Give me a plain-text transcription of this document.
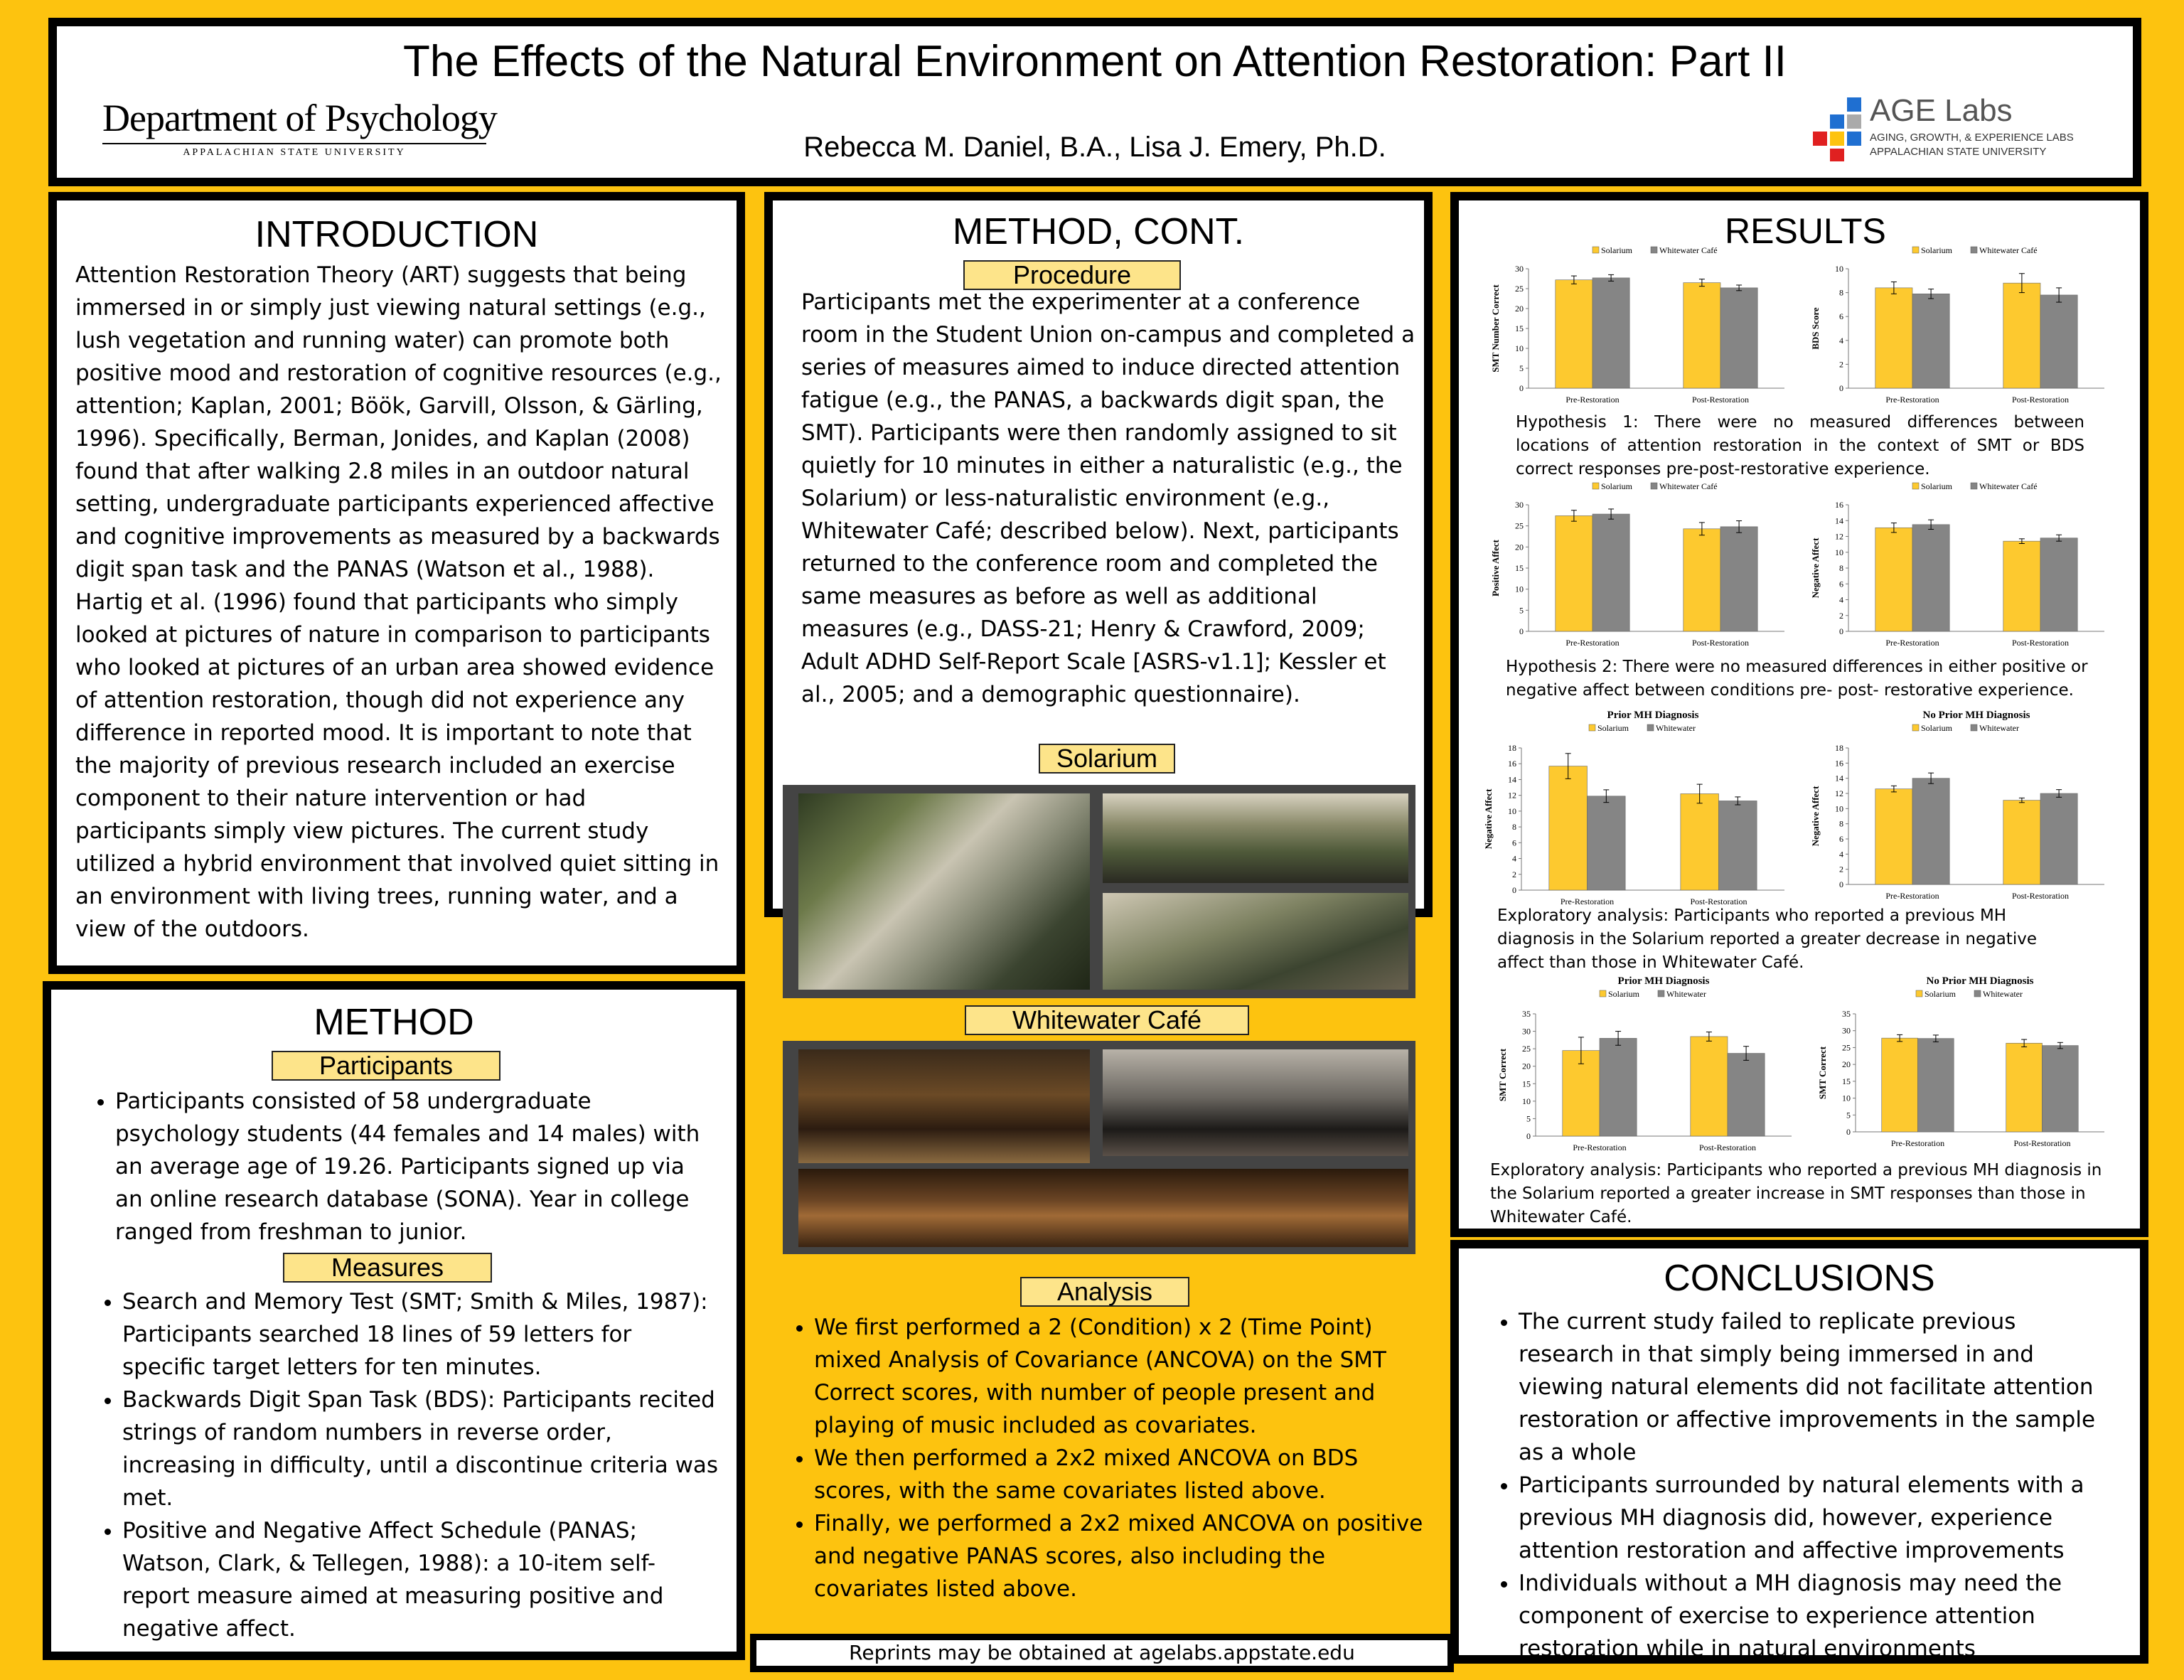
The Effects of the Natural Environment on Attention Restoration: Part II
Rebecca M. Daniel, B.A., Lisa J. Emery, Ph.D.
Department of Psychology
APPALACHIAN STATE UNIVERSITY
AGE Labs
AGING, GROWTH, & EXPERIENCE LABS
APPALACHIAN STATE UNIVERSITY
INTRODUCTION
Attention Restoration Theory (ART) suggests that being immersed in or simply just viewing natural settings (e.g., lush vegetation and running water) can promote both positive mood and restoration of cognitive resources (e.g., attention; Kaplan, 2001; Böök, Garvill, Olsson, & Gärling, 1996). Specifically, Berman, Jonides, and Kaplan (2008) found that after walking 2.8 miles in an outdoor natural setting, undergraduate participants experienced affective and cognitive improvements as measured by a backwards digit span task and the PANAS (Watson et al., 1988). Hartig et al. (1996) found that participants who simply looked at pictures of nature in comparison to participants who looked at pictures of an urban area showed evidence of attention restoration, though did not experience any difference in reported mood. It is important to note that the majority of previous research included an exercise component to their nature intervention or had participants simply view pictures. The current study utilized a hybrid environment that involved quiet sitting in an environment with living trees, running water, and a view of the outdoors.
METHOD
Participants
• Participants consisted of 58 undergraduate psychology students (44 females and 14 males) with an average age of 19.26. Participants signed up via an online research database (SONA). Year in college ranged from freshman to junior.
Measures
• Search and Memory Test (SMT; Smith & Miles, 1987): Participants searched 18 lines of 59 letters for specific target letters for ten minutes.
• Backwards Digit Span Task (BDS): Participants recited strings of random numbers in reverse order, increasing in difficulty, until a discontinue criteria was met.
• Positive and Negative Affect Schedule (PANAS; Watson, Clark, & Tellegen, 1988): a 10-item self-report measure aimed at measuring positive and negative affect.
METHOD, CONT.
Procedure
Participants met the experimenter at a conference room in the Student Union on-campus and completed a series of measures aimed to induce directed attention fatigue (e.g., the PANAS, a backwards digit span, the SMT). Participants were then randomly assigned to sit quietly for 10 minutes in either a naturalistic (e.g., the Solarium) or less-naturalistic environment (e.g., Whitewater Café; described below). Next, participants returned to the conference room and completed the same measures as before as well as additional measures (e.g., DASS-21; Henry & Crawford, 2009; Adult ADHD Self-Report Scale [ASRS-v1.1]; Kessler et al., 2005; and a demographic questionnaire).
Solarium
Whitewater Café
Analysis
• We first performed a 2 (Condition) x 2 (Time Point) mixed Analysis of Covariance (ANCOVA) on the SMT Correct scores, with number of people present and playing of music included as covariates.
• We then performed a 2x2 mixed ANCOVA on BDS scores, with the same covariates listed above.
• Finally, we performed a 2x2 mixed ANCOVA on positive and negative PANAS scores, also including the covariates listed above.
RESULTS
Solarium	Whitewater Café
0
5
10
15
20
25
30
SMT Number Correct
Pre-Restoration	Post-Restoration
Solarium	Whitewater Café
0
2
4
6
8
10
BDS Score
Pre-Restoration	Post-Restoration
Hypothesis 1: There were no measured differences between locations of attention restoration in the context of SMT or BDS correct responses pre-post-restorative experience.
Solarium	Whitewater Café
0
5
10
15
20
25
30
Positive Affect
Pre-Restoration	Post-Restoration
Solarium	Whitewater Café
0
2
4
6
8
10
12
14
16
Negative Affect
Pre-Restoration	Post-Restoration
Hypothesis 2: There were no measured differences in either positive or negative affect between conditions pre- post- restorative experience.
Prior MH Diagnosis
Solarium	Whitewater
0
2
4
6
8
10
12
14
16
18
Negative Affect
Pre-Restoration	Post-Restoration
No Prior MH Diagnosis
Solarium	Whitewater
0
2
4
6
8
10
12
14
16
18
Negative Affect
Pre-Restoration	Post-Restoration
Exploratory analysis: Participants who reported a previous MH diagnosis in the Solarium reported a greater decrease in negative affect than those in Whitewater Café.
Prior MH Diagnosis
Solarium	Whitewater
0
5
10
15
20
25
30
35
SMT Correct
Pre-Restoration	Post-Restoration
No Prior MH Diagnosis
Solarium	Whitewater
0
5
10
15
20
25
30
35
SMT Correct
Pre-Restoration	Post-Restoration
Exploratory analysis: Participants who reported a previous MH diagnosis in the Solarium reported a greater increase in SMT responses than those in Whitewater Café.
CONCLUSIONS
• The current study failed to replicate previous research in that simply being immersed in and viewing natural elements did not facilitate attention restoration or affective improvements in the sample as a whole
• Participants surrounded by natural elements with a previous MH diagnosis did, however, experience attention restoration and affective improvements
• Individuals without a MH diagnosis may need the component of exercise to experience attention restoration while in natural environments
Reprints may be obtained at agelabs.appstate.edu
